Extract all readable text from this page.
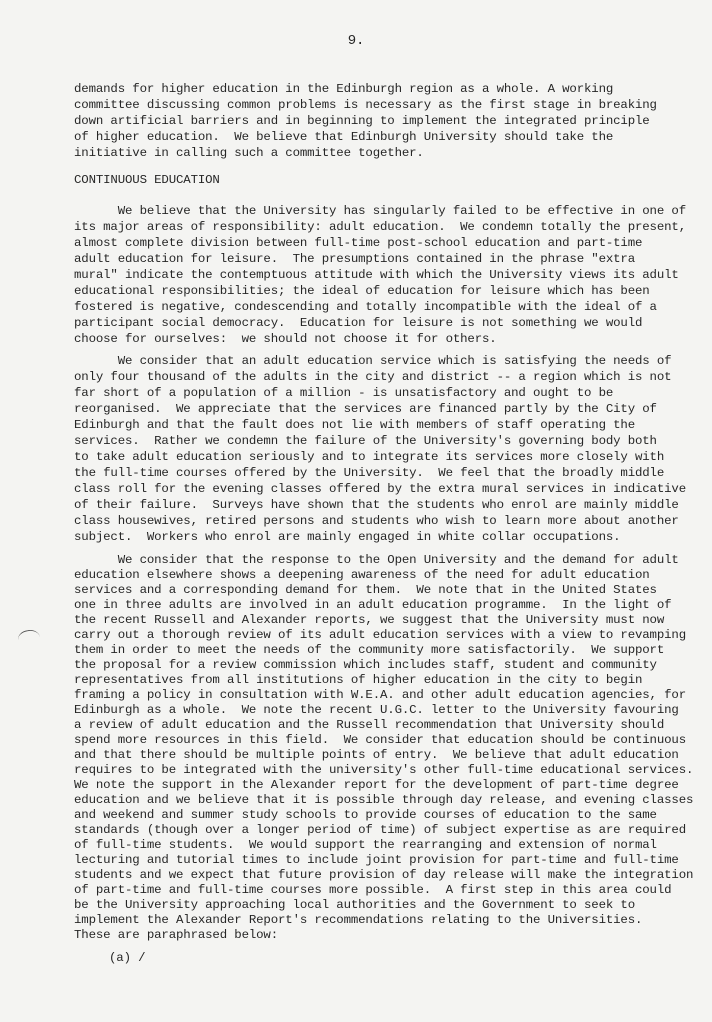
9.
demands for higher education in the Edinburgh region as a whole. A working
committee discussing common problems is necessary as the first stage in breaking
down artificial barriers and in beginning to implement the integrated principle
of higher education.  We believe that Edinburgh University should take the
initiative in calling such a committee together.
CONTINUOUS EDUCATION
We believe that the University has singularly failed to be effective in one of
its major areas of responsibility: adult education.  We condemn totally the present,
almost complete division between full-time post-school education and part-time
adult education for leisure.  The presumptions contained in the phrase "extra
mural" indicate the contemptuous attitude with which the University views its adult
educational responsibilities; the ideal of education for leisure which has been
fostered is negative, condescending and totally incompatible with the ideal of a
participant social democracy.  Education for leisure is not something we would
choose for ourselves:  we should not choose it for others.
We consider that an adult education service which is satisfying the needs of
only four thousand of the adults in the city and district -- a region which is not
far short of a population of a million - is unsatisfactory and ought to be
reorganised.  We appreciate that the services are financed partly by the City of
Edinburgh and that the fault does not lie with members of staff operating the
services.  Rather we condemn the failure of the University's governing body both
to take adult education seriously and to integrate its services more closely with
the full-time courses offered by the University.  We feel that the broadly middle
class roll for the evening classes offered by the extra mural services in indicative
of their failure.  Surveys have shown that the students who enrol are mainly middle
class housewives, retired persons and students who wish to learn more about another
subject.  Workers who enrol are mainly engaged in white collar occupations.
We consider that the response to the Open University and the demand for adult
education elsewhere shows a deepening awareness of the need for adult education
services and a corresponding demand for them.  We note that in the United States
one in three adults are involved in an adult education programme.  In the light of
the recent Russell and Alexander reports, we suggest that the University must now
carry out a thorough review of its adult education services with a view to revamping
them in order to meet the needs of the community more satisfactorily.  We support
the proposal for a review commission which includes staff, student and community
representatives from all institutions of higher education in the city to begin
framing a policy in consultation with W.E.A. and other adult education agencies, for
Edinburgh as a whole.  We note the recent U.G.C. letter to the University favouring
a review of adult education and the Russell recommendation that University should
spend more resources in this field.  We consider that education should be continuous
and that there should be multiple points of entry.  We believe that adult education
requires to be integrated with the university's other full-time educational services.
We note the support in the Alexander report for the development of part-time degree
education and we believe that it is possible through day release, and evening classes
and weekend and summer study schools to provide courses of education to the same
standards (though over a longer period of time) of subject expertise as are required
of full-time students.  We would support the rearranging and extension of normal
lecturing and tutorial times to include joint provision for part-time and full-time
students and we expect that future provision of day release will make the integration
of part-time and full-time courses more possible.  A first step in this area could
be the University approaching local authorities and the Government to seek to
implement the Alexander Report's recommendations relating to the Universities.
These are paraphrased below:
(a) /
